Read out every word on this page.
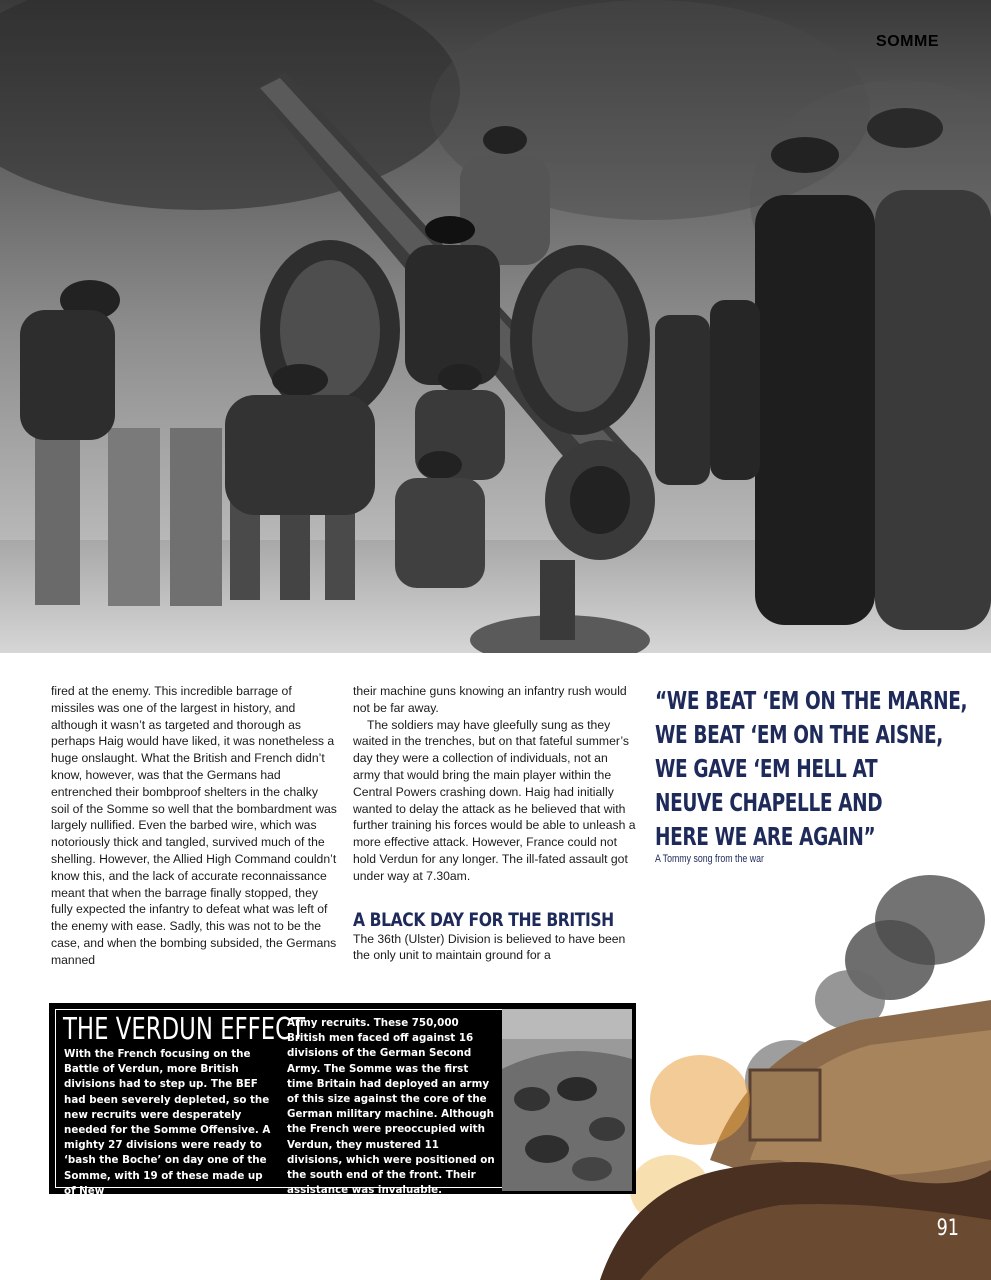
SOMME

fired at the enemy. This incredible barrage of missiles was one of the largest in history, and although it wasn’t as targeted and thorough as perhaps Haig would have liked, it was nonetheless a huge onslaught. What the British and French didn’t know, however, was that the Germans had entrenched their bombproof shelters in the chalky soil of the Somme so well that the bombardment was largely nullified. Even the barbed wire, which was notoriously thick and tangled, survived much of the shelling. However, the Allied High Command couldn’t know this, and the lack of accurate reconnaissance meant that when the barrage finally stopped, they fully expected the infantry to defeat what was left of the enemy with ease. Sadly, this was not to be the case, and when the bombing subsided, the Germans manned

their machine guns knowing an infantry rush would not be far away.

The soldiers may have gleefully sung as they waited in the trenches, but on that fateful summer’s day they were a collection of individuals, not an army that would bring the main player within the Central Powers crashing down. Haig had initially wanted to delay the attack as he believed that with further training his forces would be able to unleash a more effective attack. However, France could not hold Verdun for any longer. The ill-fated assault got under way at 7.30am.

A BLACK DAY FOR THE BRITISH

The 36th (Ulster) Division is believed to have been the only unit to maintain ground for a

“WE BEAT ‘EM ON THE MARNE,
WE BEAT ‘EM ON THE AISNE,
WE GAVE ‘EM HELL AT
NEUVE CHAPELLE AND
HERE WE ARE AGAIN”
A Tommy song from the war
THE VERDUN EFFECT
With the French focusing on the Battle of Verdun, more British divisions had to step up. The BEF had been severely depleted, so the new recruits were desperately needed for the Somme Offensive. A mighty 27 divisions were ready to ‘bash the Boche’ on day one of the Somme, with 19 of these made up of New
Army recruits. These 750,000 British men faced off against 16 divisions of the German Second Army. The Somme was the first time Britain had deployed an army of this size against the core of the German military machine. Although the French were preoccupied with Verdun, they mustered 11 divisions, which were positioned on the south end of the front. Their assistance was invaluable.
91
